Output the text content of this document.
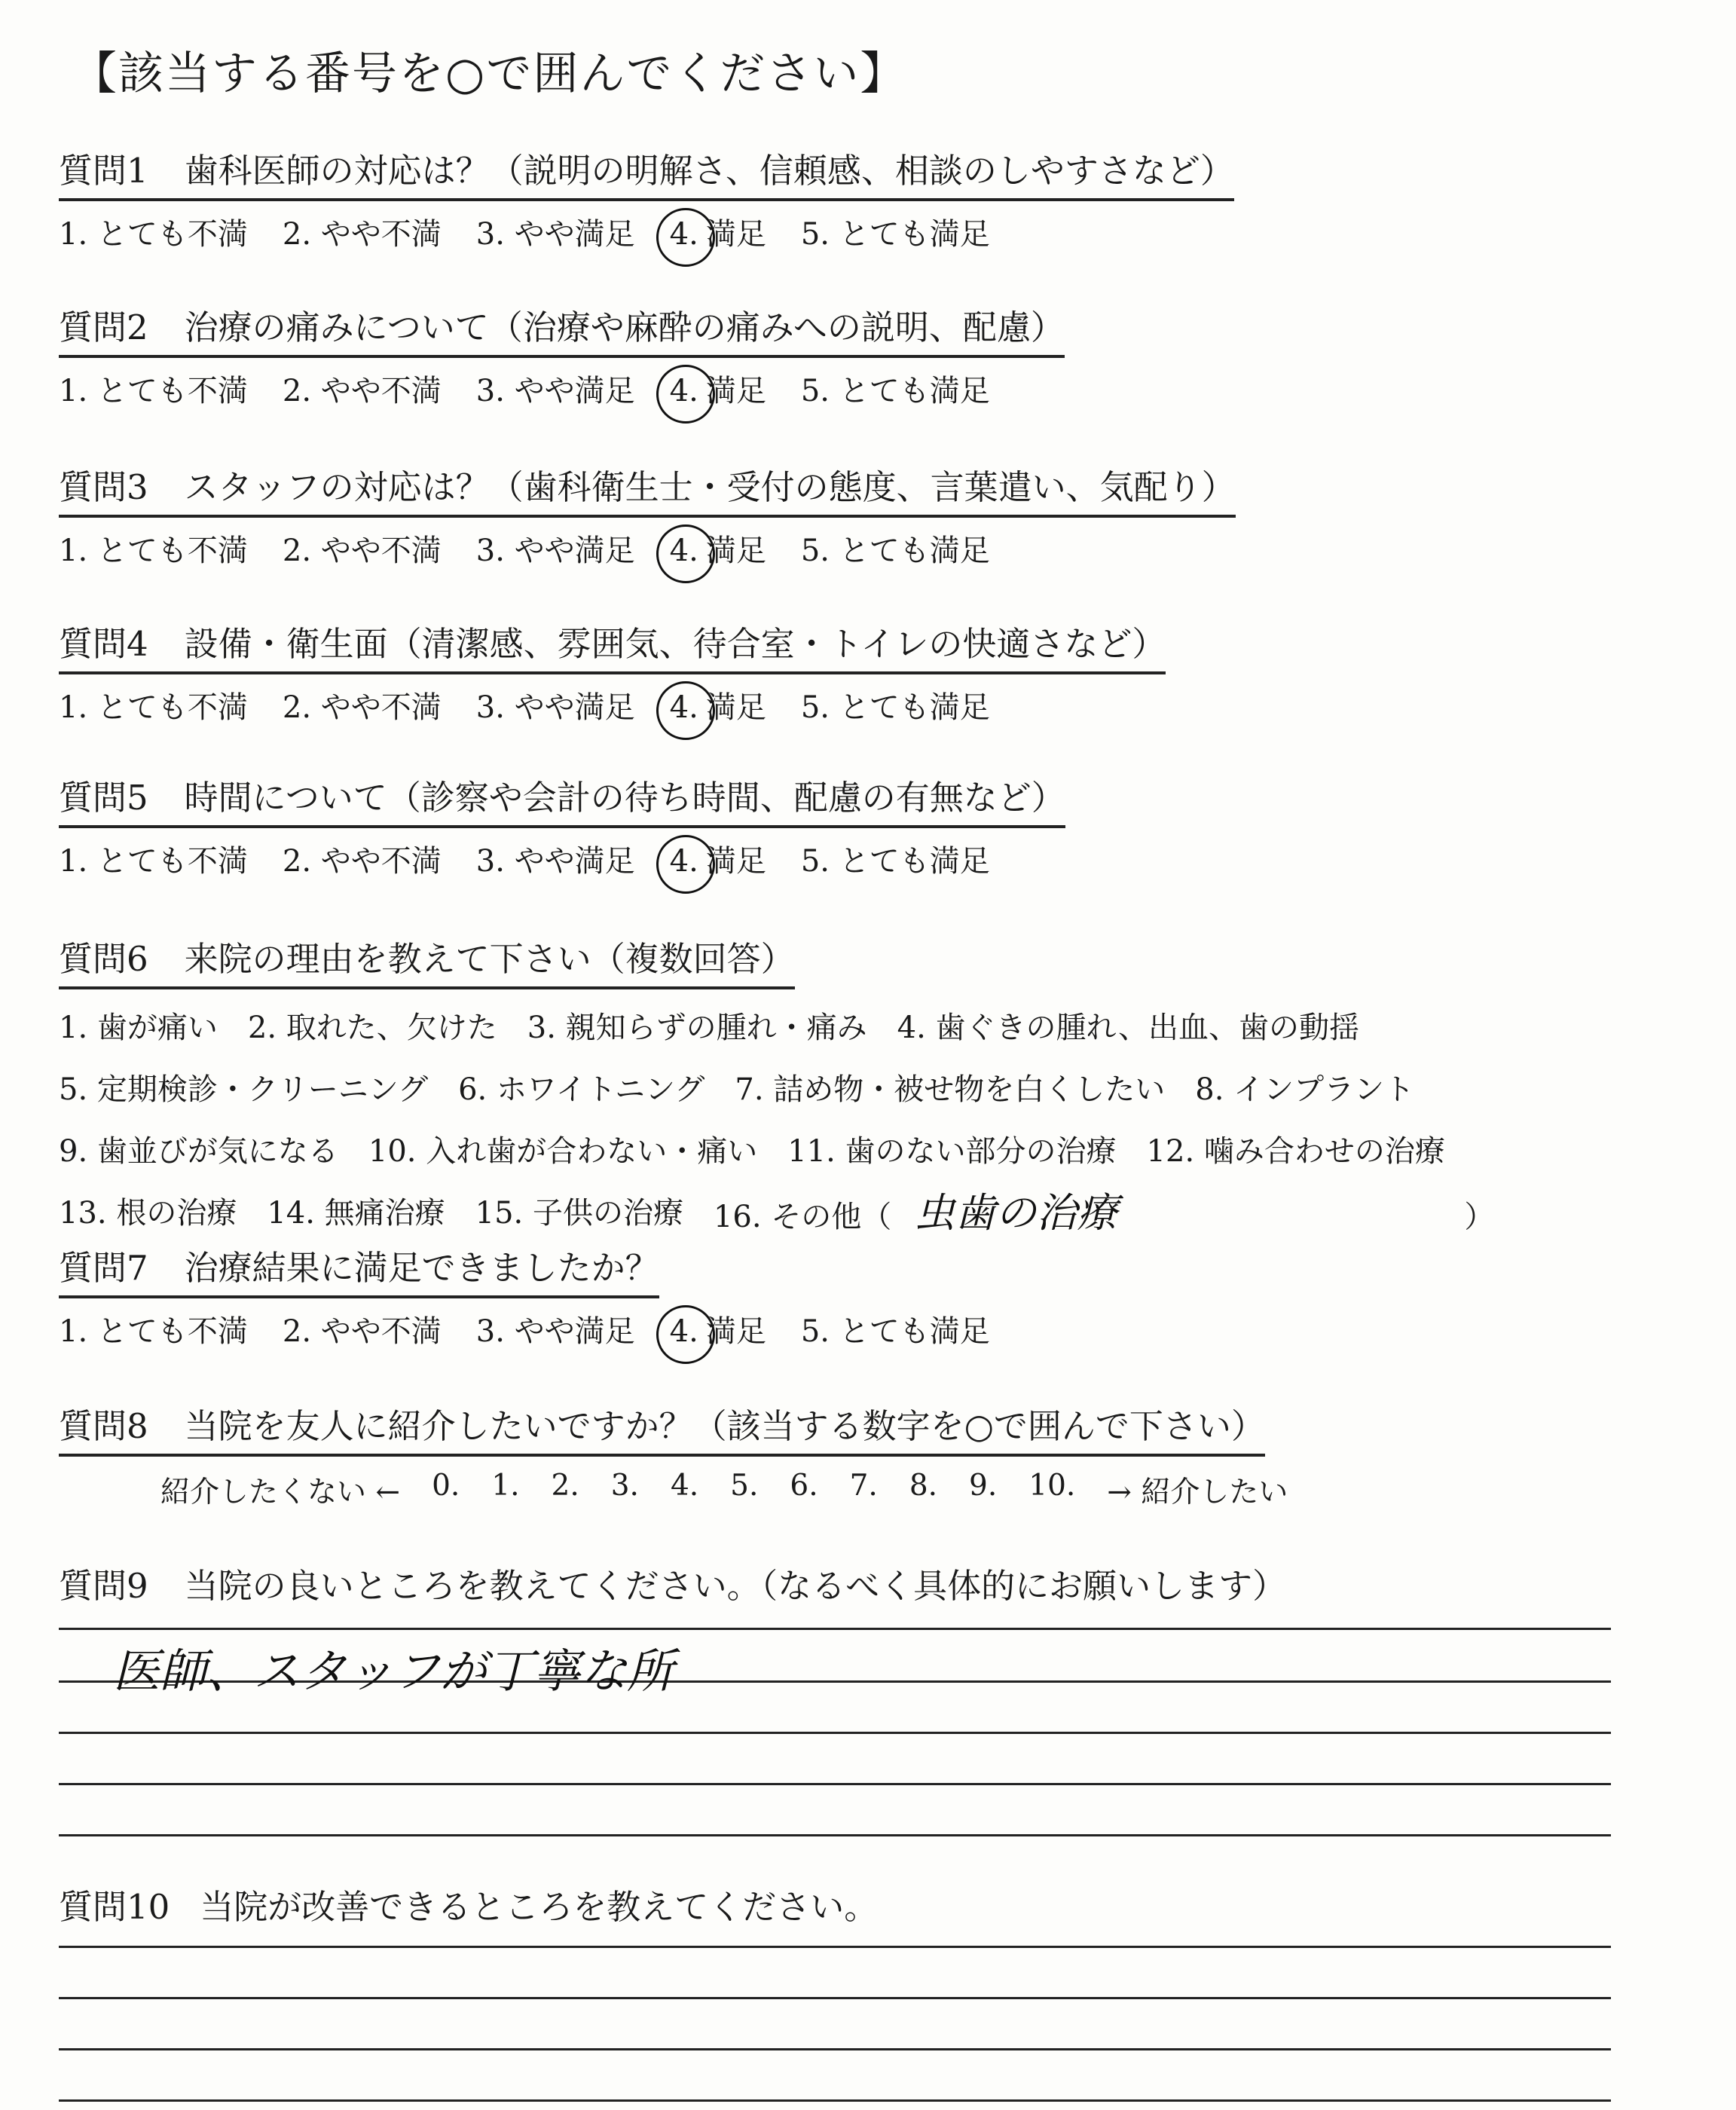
【該当する番号を○で囲んでください】
質問1 歯科医師の対応は？（説明の明解さ、信頼感、相談のしやすさなど）
1. とても不満 2. やや不満 3. やや満足 4. 満足 5. とても満足
質問2 治療の痛みについて（治療や麻酔の痛みへの説明、配慮）
1. とても不満 2. やや不満 3. やや満足 4. 満足 5. とても満足
質問3 スタッフの対応は？（歯科衛生士・受付の態度、言葉遣い、気配り）
1. とても不満 2. やや不満 3. やや満足 4. 満足 5. とても満足
質問4 設備・衛生面（清潔感、雰囲気、待合室・トイレの快適さなど）
1. とても不満 2. やや不満 3. やや満足 4. 満足 5. とても満足
質問5 時間について（診察や会計の待ち時間、配慮の有無など）
1. とても不満 2. やや不満 3. やや満足 4. 満足 5. とても満足
質問6 来院の理由を教えて下さい（複数回答）
1. 歯が痛い 2. 取れた、欠けた 3. 親知らずの腫れ・痛み 4. 歯ぐきの腫れ、出血、歯の動揺
5. 定期検診・クリーニング 6. ホワイトニング 7. 詰め物・被せ物を白くしたい 8. インプラント
9. 歯並びが気になる 10. 入れ歯が合わない・痛い 11. 歯のない部分の治療 12. 噛み合わせの治療
13. 根の治療 14. 無痛治療 15. 子供の治療 16. その他（ 虫歯の治療	）
質問7 治療結果に満足できましたか？
1. とても不満 2. やや不満 3. やや満足 4. 満足 5. とても満足
質問8 当院を友人に紹介したいですか？（該当する数字を○で囲んで下さい）
紹介したくない ← 0. 1. 2. 3. 4. 5. 6. 7. 8. 9. 10. → 紹介したい
質問9 当院の良いところを教えてください。（なるべく具体的にお願いします）
医師、スタッフが丁寧な所
質問10 当院が改善できるところを教えてください。
